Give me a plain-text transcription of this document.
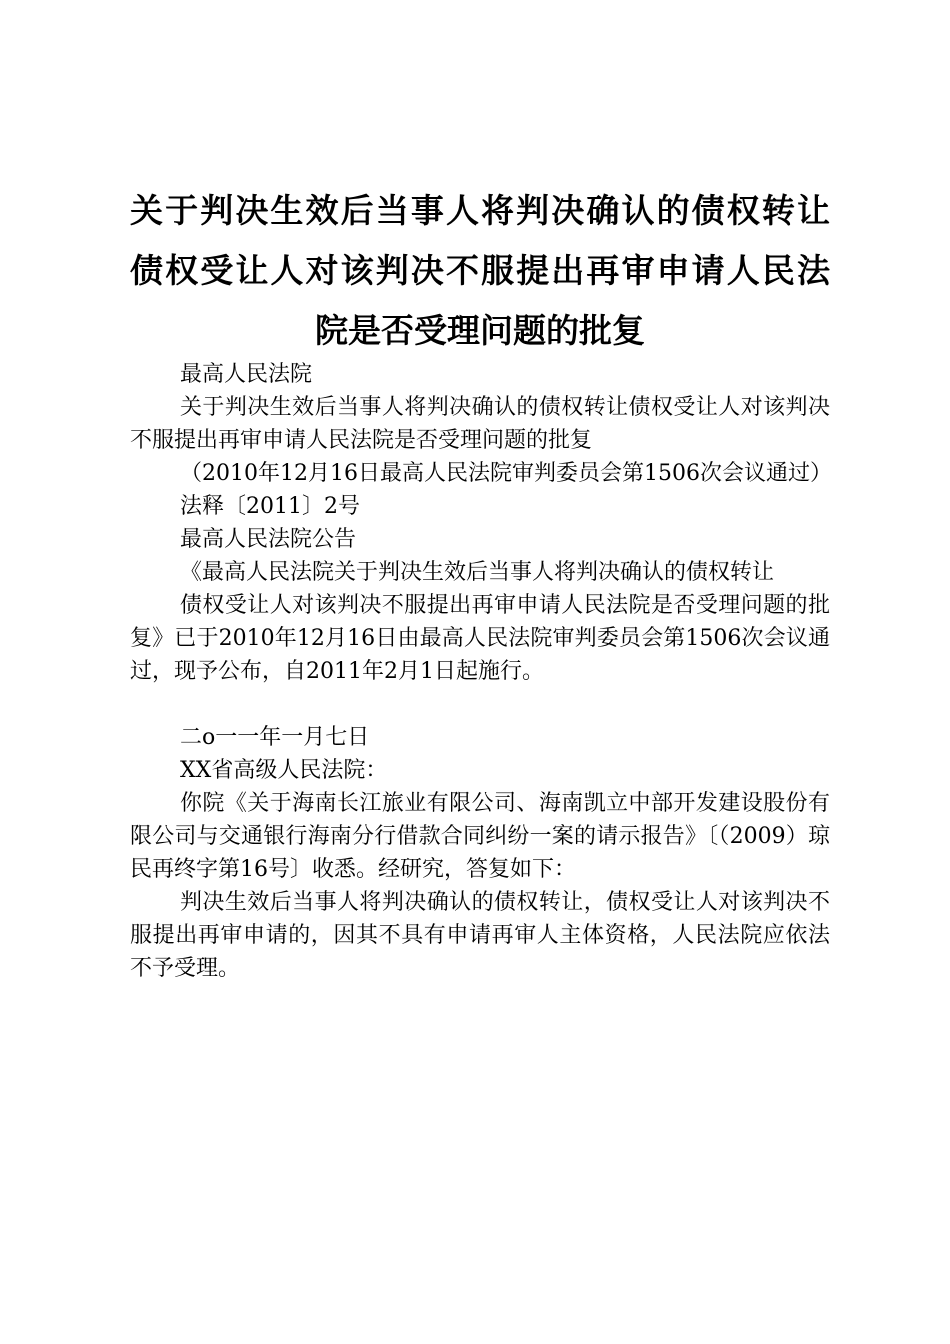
关于判决生效后当事人将判决确认的债权转让
债权受让人对该判决不服提出再审申请人民法
院是否受理问题的批复

最高人民法院

关于判决生效后当事人将判决确认的债权转让债权受让人对该判决不服提出再审申请人民法院是否受理问题的批复

（2010年12月16日最高人民法院审判委员会第1506次会议通过）

法释〔2011〕2号

最高人民法院公告

《最高人民法院关于判决生效后当事人将判决确认的债权转让

债权受让人对该判决不服提出再审申请人民法院是否受理问题的批复》已于2010年12月16日由最高人民法院审判委员会第1506次会议通过，现予公布，自2011年2月1日起施行。

二o一一年一月七日

XX省高级人民法院：

你院《关于海南长江旅业有限公司、海南凯立中部开发建设股份有限公司与交通银行海南分行借款合同纠纷一案的请示报告》〔（2009）琼民再终字第16号〕收悉。经研究，答复如下：

判决生效后当事人将判决确认的债权转让，债权受让人对该判决不服提出再审申请的，因其不具有申请再审人主体资格，人民法院应依法不予受理。
